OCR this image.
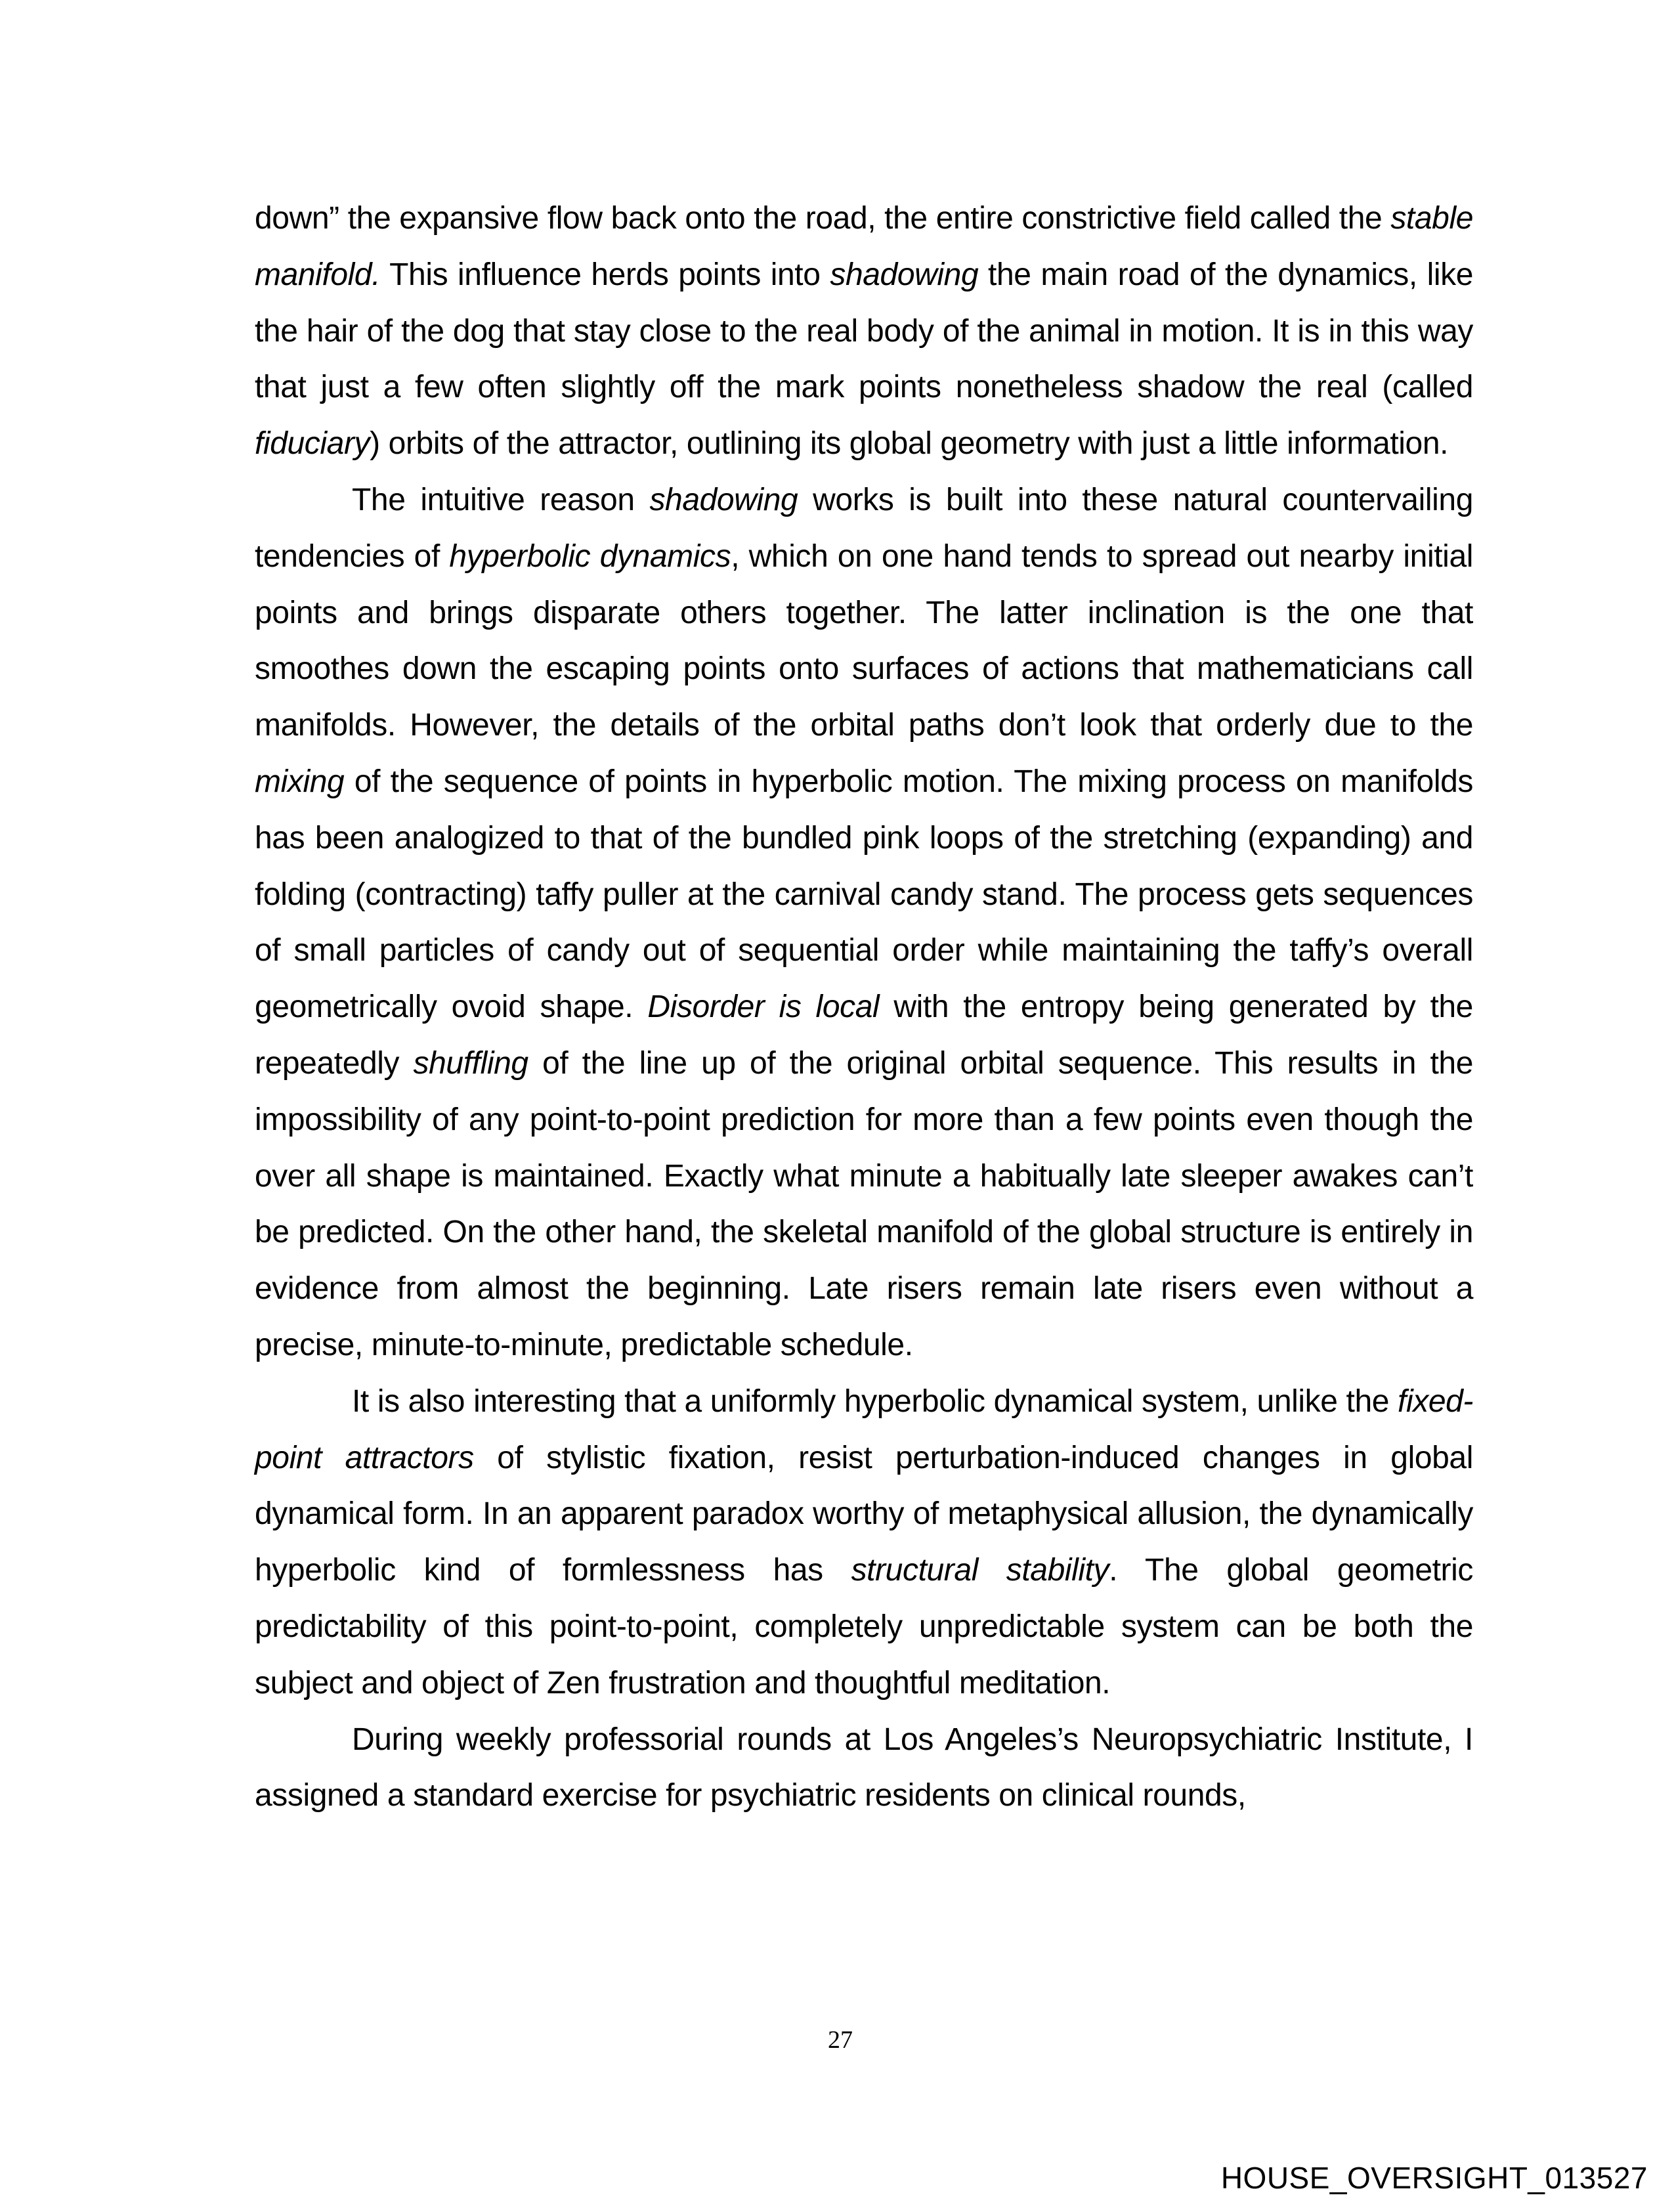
down” the expansive flow back onto the road, the entire constrictive field called the stable manifold. This influence herds points into shadowing the main road of the dynamics, like the hair of the dog that stay close to the real body of the animal in motion. It is in this way that just a few often slightly off the mark points nonetheless shadow the real (called fiduciary) orbits of the attractor, outlining its global geometry with just a little information.

The intuitive reason shadowing works is built into these natural countervailing tendencies of hyperbolic dynamics, which on one hand tends to spread out nearby initial points and brings disparate others together. The latter inclination is the one that smoothes down the escaping points onto surfaces of actions that mathematicians call manifolds. However, the details of the orbital paths don’t look that orderly due to the mixing of the sequence of points in hyperbolic motion. The mixing process on manifolds has been analogized to that of the bundled pink loops of the stretching (expanding) and folding (contracting) taffy puller at the carnival candy stand. The process gets sequences of small particles of candy out of sequential order while maintaining the taffy’s overall geometrically ovoid shape. Disorder is local with the entropy being generated by the repeatedly shuffling of the line up of the original orbital sequence. This results in the impossibility of any point-to-point prediction for more than a few points even though the over all shape is maintained. Exactly what minute a habitually late sleeper awakes can’t be predicted. On the other hand, the skeletal manifold of the global structure is entirely in evidence from almost the beginning. Late risers remain late risers even without a precise, minute-to-minute, predictable schedule.

It is also interesting that a uniformly hyperbolic dynamical system, unlike the fixed-point attractors of stylistic fixation, resist perturbation-induced changes in global dynamical form. In an apparent paradox worthy of metaphysical allusion, the dynamically hyperbolic kind of formlessness has structural stability. The global geometric predictability of this point-to-point, completely unpredictable system can be both the subject and object of Zen frustration and thoughtful meditation.

During weekly professorial rounds at Los Angeles’s Neuropsychiatric Institute, I assigned a standard exercise for psychiatric residents on clinical rounds,

27
HOUSE_OVERSIGHT_013527
